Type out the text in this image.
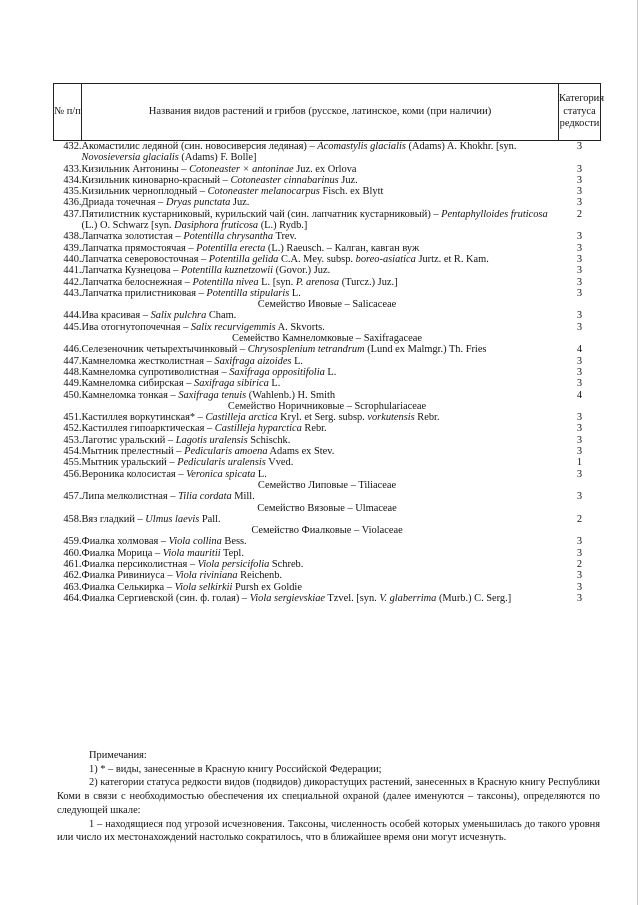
№ п/п	Названия видов растений и грибов (русское, латинское, коми (при наличии)	Категория статуса редкости
432.	Акомастилис ледяной (син. новосиверсия ледяная) – Acomastylis glacialis (Adams) A. Khokhr. [syn. Novosieversia glacialis (Adams) F. Bolle]	3
433.	Кизильник Антонины – Cotoneaster × antoninae Juz. ex Orlova	3
434.	Кизильник киноварно-красный – Cotoneaster cinnabarinus Juz.	3
435.	Кизильник черноплодный – Cotoneaster melanocarpus Fisch. ex Blytt	3
436.	Дриада точечная – Dryas punctata Juz.	3
437.	Пятилистник кустарниковый, курильский чай (син. лапчатник кустарниковый) – Pentaphylloides fruticosa (L.) O. Schwarz [syn. Dasiphora fruticosa (L.) Rydb.]	2
438.	Лапчатка золотистая – Potentilla chrysantha Trev.	3
439.	Лапчатка прямостоячая – Potentilla erecta (L.) Raeusch. – Калган, кавган вуж	3
440.	Лапчатка северовосточная – Potentilla gelida C.A. Mey. subsp. boreo-asiatica Jurtz. et R. Kam.	3
441.	Лапчатка Кузнецова – Potentilla kuznetzowii (Govor.) Juz.	3
442.	Лапчатка белоснежная – Potentilla nivea L. [syn. P. arenosa (Turcz.) Juz.]	3
443.	Лапчатка прилистниковая – Potentilla stipularis L.	3
Семейство Ивовые – Salicaceae		
444.	Ива красивая – Salix pulchra Cham.	3
445.	Ива отогнутопочечная – Salix recurvigemmis A. Skvorts.	3
Семейство Камнеломковые – Saxifragaceae		
446.	Селезеночник четырехтычинковый – Chrysosplenium tetrandrum (Lund ex Malmgr.) Th. Fries	4
447.	Камнеломка жестколистная – Saxifraga aizoides L.	3
448.	Камнеломка супротиволистная – Saxifraga oppositifolia L.	3
449.	Камнеломка сибирская – Saxifraga sibirica L.	3
450.	Камнеломка тонкая – Saxifraga tenuis (Wahlenb.) H. Smith	4
Семейство Норичниковые – Scrophulariaceae		
451.	Кастиллея воркутинская* – Castilleja arctica Kryl. et Serg. subsp. vorkutensis Rebr.	3
452.	Кастиллея гипоарктическая – Castilleja hyparctica Rebr.	3
453.	Лаготис уральский – Lagotis uralensis Schischk.	3
454.	Мытник прелестный – Pedicularis amoena Adams ex Stev.	3
455.	Мытник уральский – Pedicularis uralensis Vved.	1
456.	Вероника колосистая – Veronica spicata L.	3
Семейство Липовые – Tiliaceae		
457.	Липа мелколистная – Tilia cordata Mill.	3
Семейство Вязовые – Ulmaceae		
458.	Вяз гладкий – Ulmus laevis Pall.	2
Семейство Фиалковые – Violaceae		
459.	Фиалка холмовая – Viola collina Bess.	3
460.	Фиалка Морица – Viola mauritii Tepl.	3
461.	Фиалка персиколистная – Viola persicifolia Schreb.	2
462.	Фиалка Ривиниуса – Viola riviniana Reichenb.	3
463.	Фиалка Селькирка – Viola selkirkii Pursh ex Goldie	3
464.	Фиалка Сергиевской (син. ф. голая) – Viola sergievskiae Tzvel. [syn. V. glaberrima (Murb.) C. Serg.]	3

Примечания:

1) * – виды, занесенные в Красную книгу Российской Федерации;

2) категории статуса редкости видов (подвидов) дикорастущих растений, занесенных в Красную книгу Республики Коми в связи с необходимостью обеспечения их специальной охраной (далее именуются – таксоны), определяются по следующей шкале:

1 – находящиеся под угрозой исчезновения. Таксоны, численность особей которых уменьшилась до такого уровня или число их местонахождений настолько сократилось, что в ближайшее время они могут исчезнуть.
